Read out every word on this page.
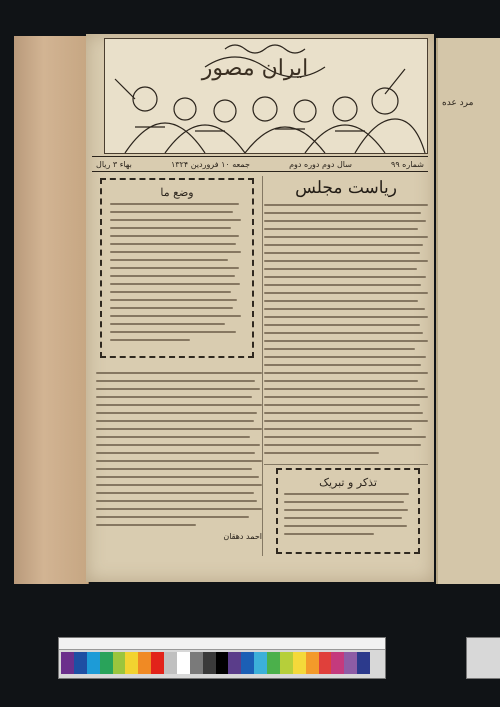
مرد عده
ایران مصور
شماره ۹۹
سال دوم دوره دوم
جمعه ۱۰ فروردین ۱۳۲۴
بهاء ۳ ریال
وضع ما	ریاست مجلس
احمد دهقان
تذکر و تبریک
